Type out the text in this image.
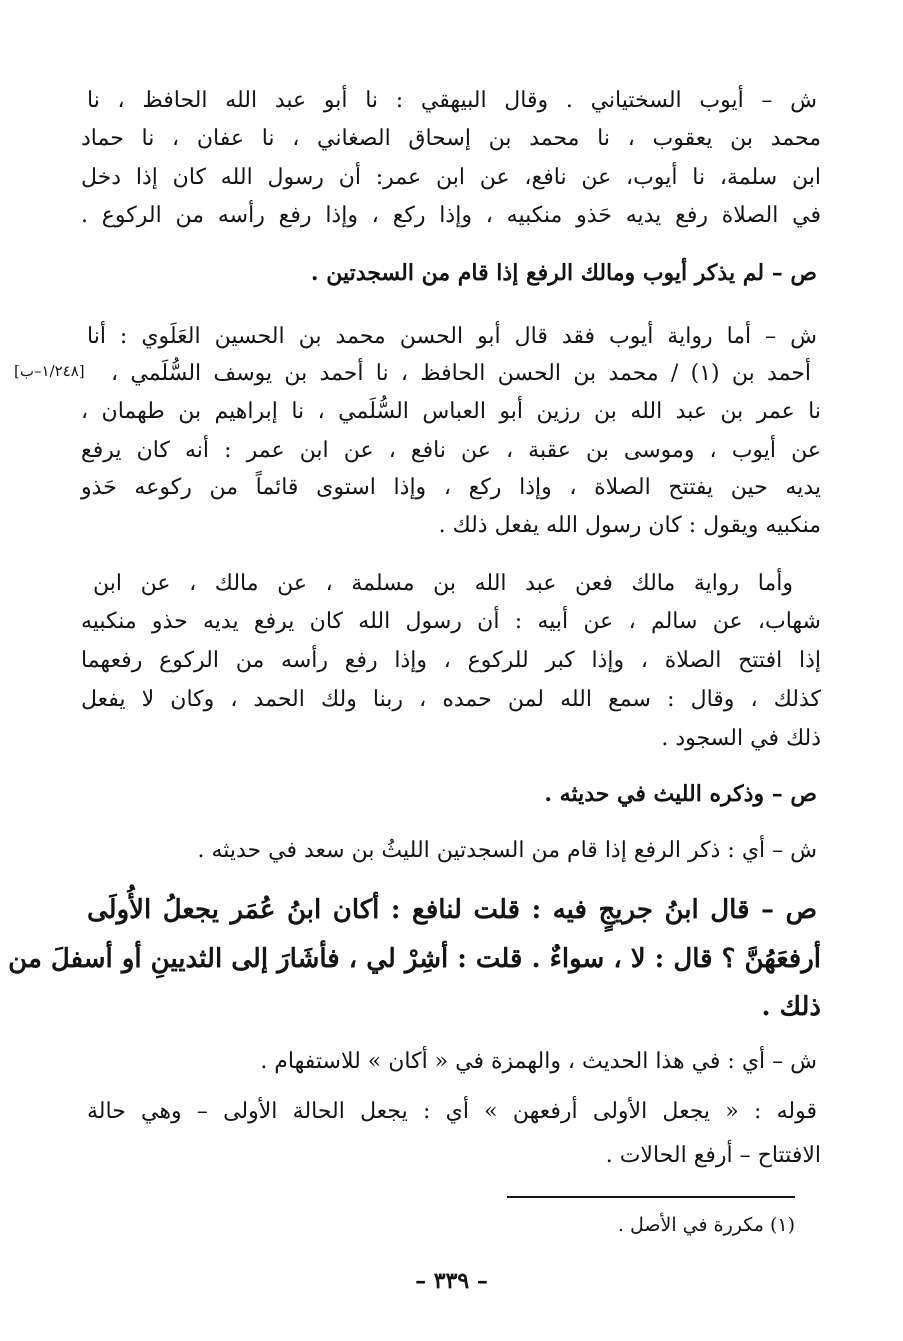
ش – أيوب السختياني . وقال البيهقي : نا أبو عبد الله الحافظ ، نا
محمد بن يعقوب ، نا محمد بن إسحاق الصغاني ، نا عفان ، نا حماد
ابن سلمة، نا أيوب، عن نافع، عن ابن عمر: أن رسول الله كان إذا دخل
في الصلاة رفع يديه حَذو منكبيه ، وإذا ركع ، وإذا رفع رأسه من الركوع .
ص – لم يذكر أيوب ومالك الرفع إذا قام من السجدتين .
ش – أما رواية أيوب فقد قال أبو الحسن محمد بن الحسين العَلَوي : أنا
أحمد بن (١) / محمد بن الحسن الحافظ ، نا أحمد بن يوسف السُّلَمي ،
نا عمر بن عبد الله بن رزين أبو العباس السُّلَمي ، نا إبراهيم بن طهمان ،
عن أيوب ، وموسى بن عقبة ، عن نافع ، عن ابن عمر : أنه كان يرفع
يديه حين يفتتح الصلاة ، وإذا ركع ، وإذا استوى قائماً من ركوعه حَذو
منكبيه ويقول : كان رسول الله يفعل ذلك .
وأما رواية مالك فعن عبد الله بن مسلمة ، عن مالك ، عن ابن
شهاب، عن سالم ، عن أبيه : أن رسول الله كان يرفع يديه حذو منكبيه
إذا افتتح الصلاة ، وإذا كبر للركوع ، وإذا رفع رأسه من الركوع رفعهما
كذلك ، وقال : سمع الله لمن حمده ، ربنا ولك الحمد ، وكان لا يفعل
ذلك في السجود .
ص – وذكره الليث في حديثه .
ش – أي : ذكر الرفع إذا قام من السجدتين الليثُ بن سعد في حديثه .
ص – قال ابنُ جريجٍ فيه : قلت لنافع : أكان ابنُ عُمَر يجعلُ الأُولَى
أرفعَهُنَّ ؟ قال : لا ، سواءٌ . قلت : أشِرْ لي ، فأشَارَ إلى الثديينِ أو أسفلَ من
ذلك .
ش – أي : في هذا الحديث ، والهمزة في « أكان » للاستفهام .
قوله : « يجعل الأولى أرفعهن » أي : يجعل الحالة الأولى – وهي حالة
الافتتاح – أرفع الحالات .
[١/٢٤٨–ب]
(١) مكررة في الأصل .
– ٣٣٩ –
